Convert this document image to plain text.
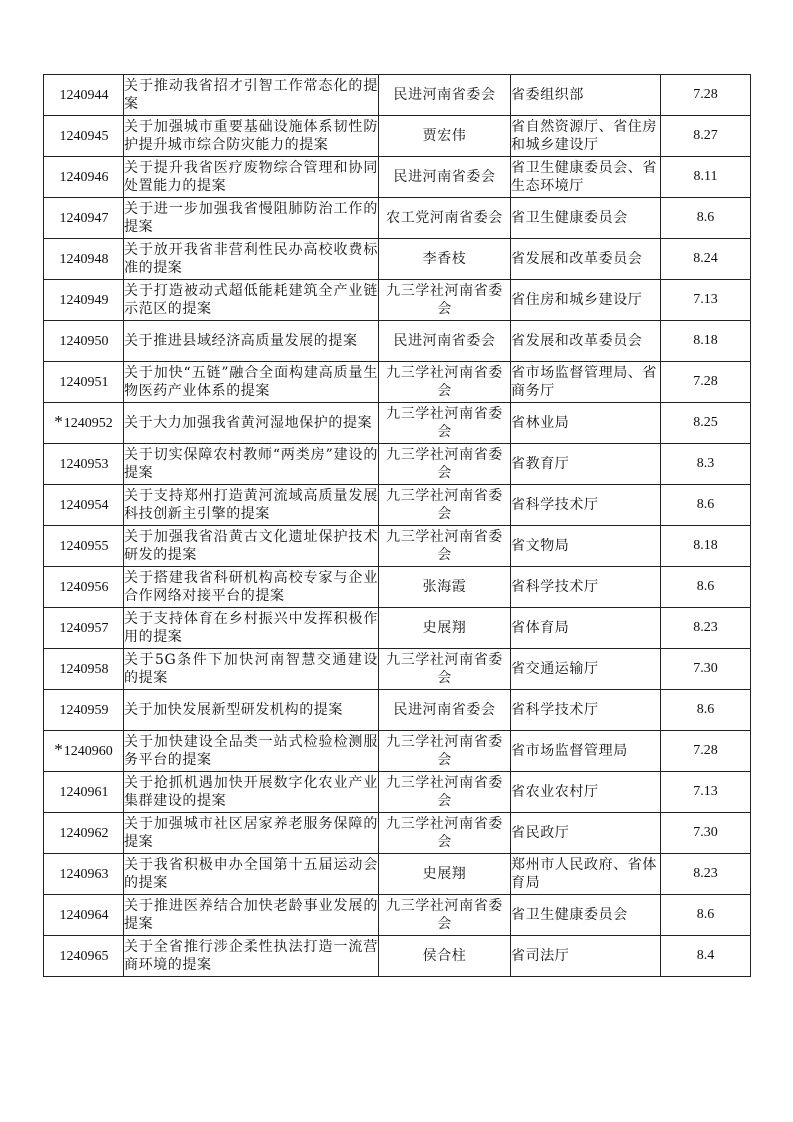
1240944	关于推动我省招才引智工作常态化的提案	民进河南省委会	省委组织部	7.28
1240945	关于加强城市重要基础设施体系韧性防护提升城市综合防灾能力的提案	贾宏伟	省自然资源厅、省住房和城乡建设厅	8.27
1240946	关于提升我省医疗废物综合管理和协同处置能力的提案	民进河南省委会	省卫生健康委员会、省生态环境厅	8.11
1240947	关于进一步加强我省慢阻肺防治工作的提案	农工党河南省委会	省卫生健康委员会	8.6
1240948	关于放开我省非营利性民办高校收费标准的提案	李香枝	省发展和改革委员会	8.24
1240949	关于打造被动式超低能耗建筑全产业链示范区的提案	九三学社河南省委会	省住房和城乡建设厅	7.13
1240950	关于推进县域经济高质量发展的提案	民进河南省委会	省发展和改革委员会	8.18
1240951	关于加快“五链”融合全面构建高质量生物医药产业体系的提案	九三学社河南省委会	省市场监督管理局、省商务厅	7.28
*1240952	关于大力加强我省黄河湿地保护的提案	九三学社河南省委会	省林业局	8.25
1240953	关于切实保障农村教师“两类房”建设的提案	九三学社河南省委会	省教育厅	8.3
1240954	关于支持郑州打造黄河流域高质量发展科技创新主引擎的提案	九三学社河南省委会	省科学技术厅	8.6
1240955	关于加强我省沿黄古文化遗址保护技术研发的提案	九三学社河南省委会	省文物局	8.18
1240956	关于搭建我省科研机构高校专家与企业合作网络对接平台的提案	张海霞	省科学技术厅	8.6
1240957	关于支持体育在乡村振兴中发挥积极作用的提案	史展翔	省体育局	8.23
1240958	关于5G条件下加快河南智慧交通建设的提案	九三学社河南省委会	省交通运输厅	7.30
1240959	关于加快发展新型研发机构的提案	民进河南省委会	省科学技术厅	8.6
*1240960	关于加快建设全品类一站式检验检测服务平台的提案	九三学社河南省委会	省市场监督管理局	7.28
1240961	关于抢抓机遇加快开展数字化农业产业集群建设的提案	九三学社河南省委会	省农业农村厅	7.13
1240962	关于加强城市社区居家养老服务保障的提案	九三学社河南省委会	省民政厅	7.30
1240963	关于我省积极申办全国第十五届运动会的提案	史展翔	郑州市人民政府、省体育局	8.23
1240964	关于推进医养结合加快老龄事业发展的提案	九三学社河南省委会	省卫生健康委员会	8.6
1240965	关于全省推行涉企柔性执法打造一流营商环境的提案	侯合柱	省司法厅	8.4
